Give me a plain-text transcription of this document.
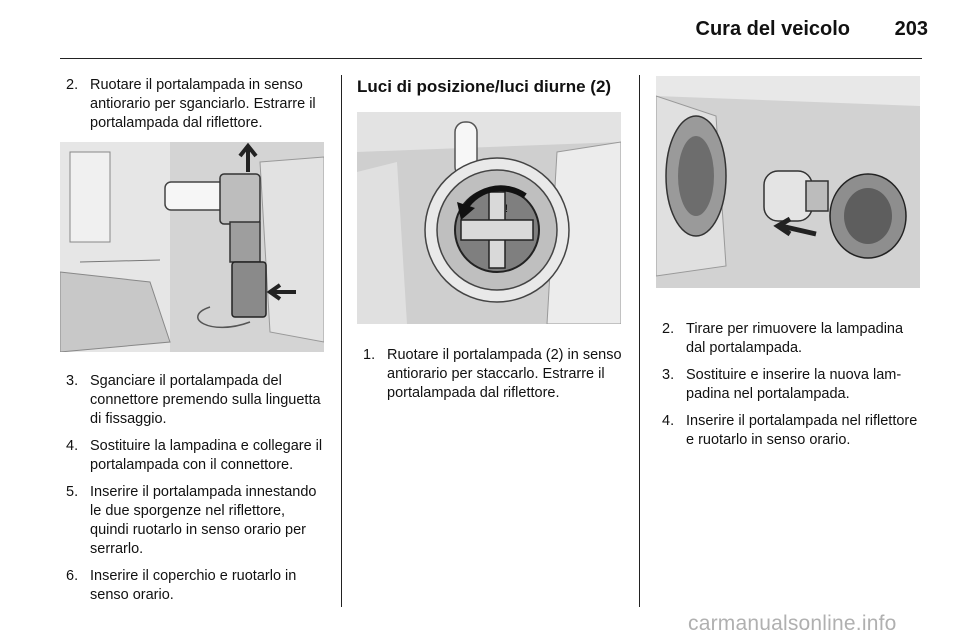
Cura del veicolo	203
2. Ruotare il portalampada in senso antiorario per sganciarlo. Estrarre il portalampada dal riflettore.
3. Sganciare il portalampada del connettore premendo sulla linguetta di fissaggio.
4. Sostituire la lampadina e collegare il portalampada con il connettore.
5. Inserire il portalampada innestando le due sporgenze nel riflettore, quindi ruotarlo in senso orario per serrarlo.
6. Inserire il coperchio e ruotarlo in senso orario.
Luci di posizione/luci diurne (2)
!
1. Ruotare il portalampada (2) in senso antiorario per staccarlo. Estrarre il portalampada dal riflettore.
2. Tirare per rimuovere la lampadina dal portalampada.
3. Sostituire e inserire la nuova lampadina nel portalampada.
4. Inserire il portalampada nel riflettore e ruotarlo in senso orario.
carmanualsonline.info
